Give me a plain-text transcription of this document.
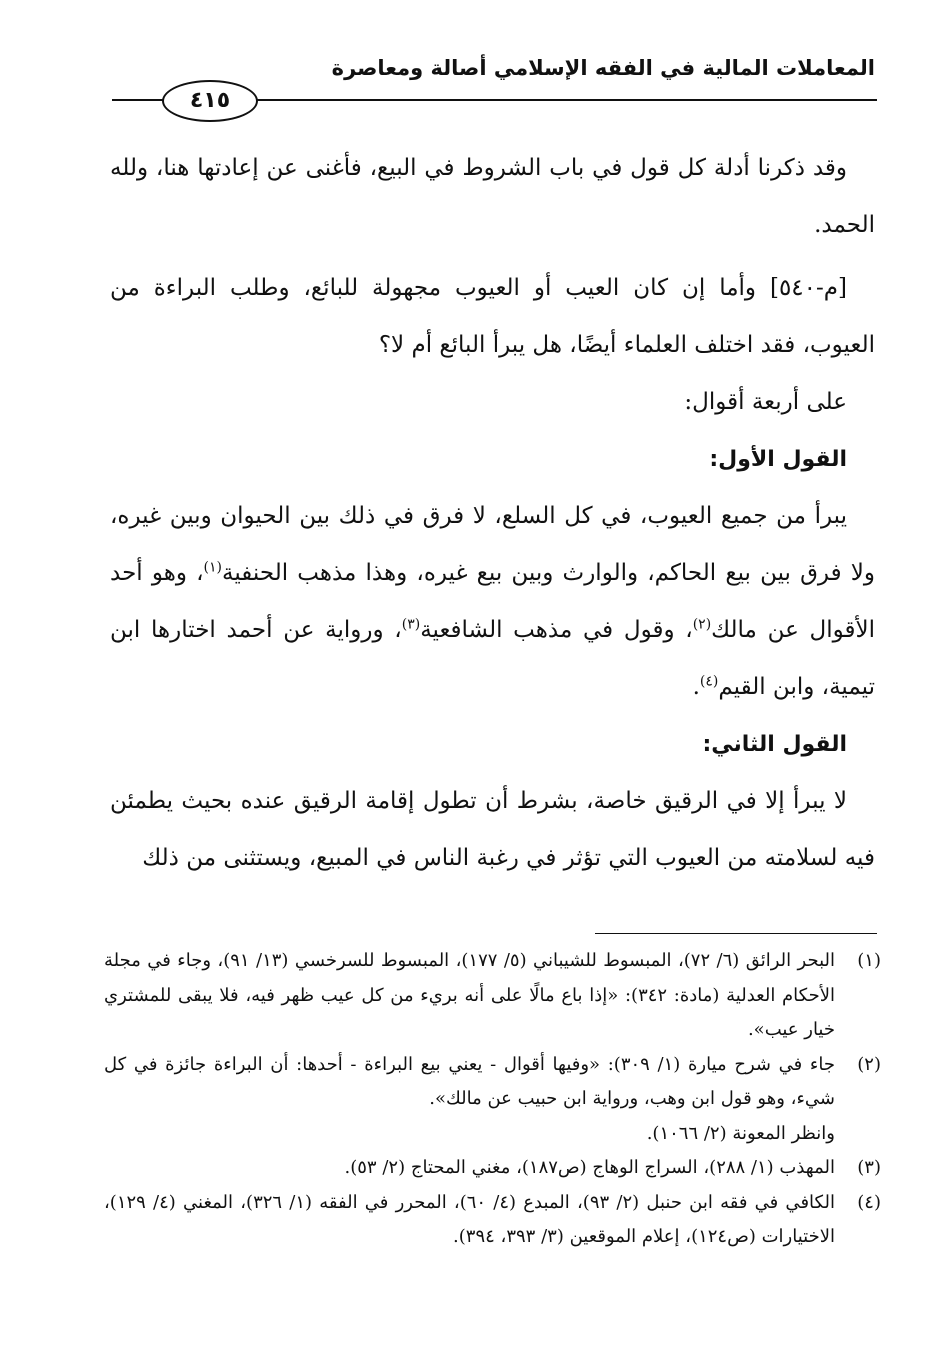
المعاملات المالية في الفقه الإسلامي أصالة ومعاصرة
٤١٥

وقد ذكرنا أدلة كل قول في باب الشروط في البيع، فأغنى عن إعادتها هنا، ولله الحمد.

[م-٥٤٠] وأما إن كان العيب أو العيوب مجهولة للبائع، وطلب البراءة من العيوب، فقد اختلف العلماء أيضًا، هل يبرأ البائع أم لا؟

على أربعة أقوال:

القول الأول:

يبرأ من جميع العيوب، في كل السلع، لا فرق في ذلك بين الحيوان وبين غيره، ولا فرق بين بيع الحاكم، والوارث وبين بيع غيره، وهذا مذهب الحنفية$^{(١)}$، وهو أحد الأقوال عن مالك$^{(٢)}$، وقول في مذهب الشافعية$^{(٣)}$، ورواية عن أحمد اختارها ابن تيمية، وابن القيم$^{(٤)}$.

القول الثاني:

لا يبرأ إلا في الرقيق خاصة، بشرط أن تطول إقامة الرقيق عنده بحيث يطمئن فيه لسلامته من العيوب التي تؤثر في رغبة الناس في المبيع، ويستثنى من ذلك

(١)
البحر الرائق (٦/ ٧٢)، المبسوط للشيباني (٥/ ١٧٧)، المبسوط للسرخسي (١٣/ ٩١)، وجاء في مجلة الأحكام العدلية (مادة: ٣٤٢): «إذا باع مالًا على أنه بريء من كل عيب ظهر فيه، فلا يبقى للمشتري خيار عيب».
(٢)
جاء في شرح ميارة (١/ ٣٠٩): «وفيها أقوال - يعني بيع البراءة - أحدها: أن البراءة جائزة في كل شيء، وهو قول ابن وهب، ورواية ابن حبيب عن مالك».
وانظر المعونة (٢/ ١٠٦٦).
(٣)
المهذب (١/ ٢٨٨)، السراج الوهاج (ص١٨٧)، مغني المحتاج (٢/ ٥٣).
(٤)
الكافي في فقه ابن حنبل (٢/ ٩٣)، المبدع (٤/ ٦٠)، المحرر في الفقه (١/ ٣٢٦)، المغني (٤/ ١٢٩)، الاختيارات (ص١٢٤)، إعلام الموقعين (٣/ ٣٩٣، ٣٩٤).
